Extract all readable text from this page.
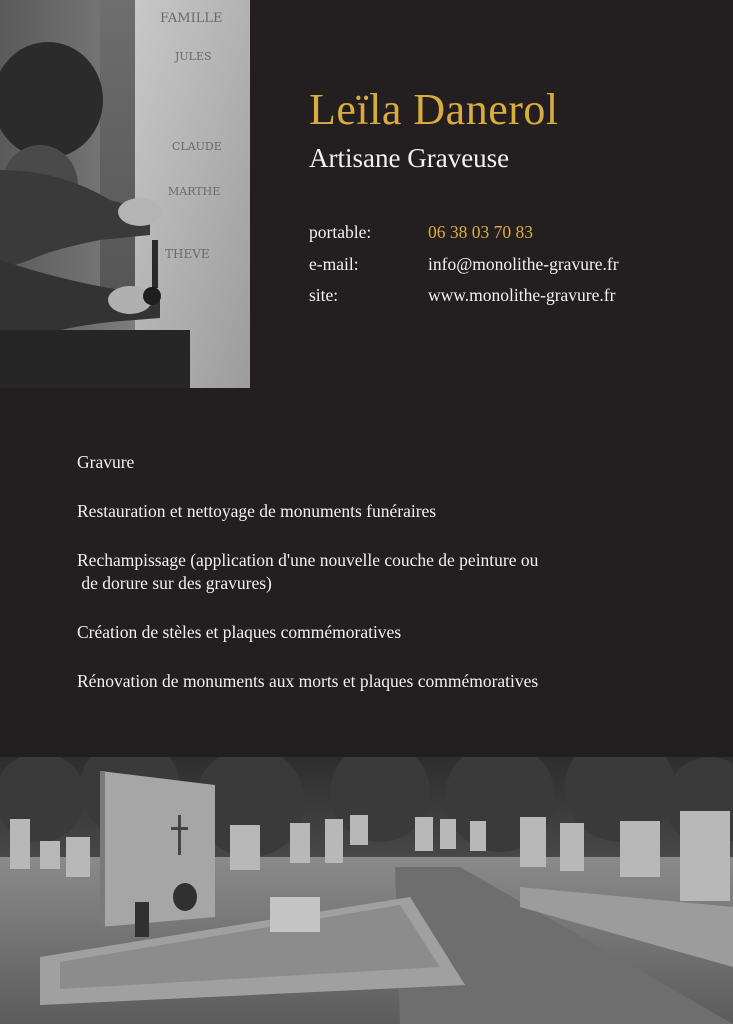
FAMILLE
JULES
CLAUDE
MARTHE
THEVE
Leïla Danerol
Artisane Graveuse
portable:	06 38 03 70 83
e-mail:	info@monolithe-gravure.fr
site:	www.monolithe-gravure.fr
Gravure
Restauration et nettoyage de monuments funéraires
Rechampissage (application d'une nouvelle couche de peinture ou
de dorure sur des gravures)
Création de stèles et plaques commémoratives
Rénovation de monuments aux morts et plaques commémoratives
